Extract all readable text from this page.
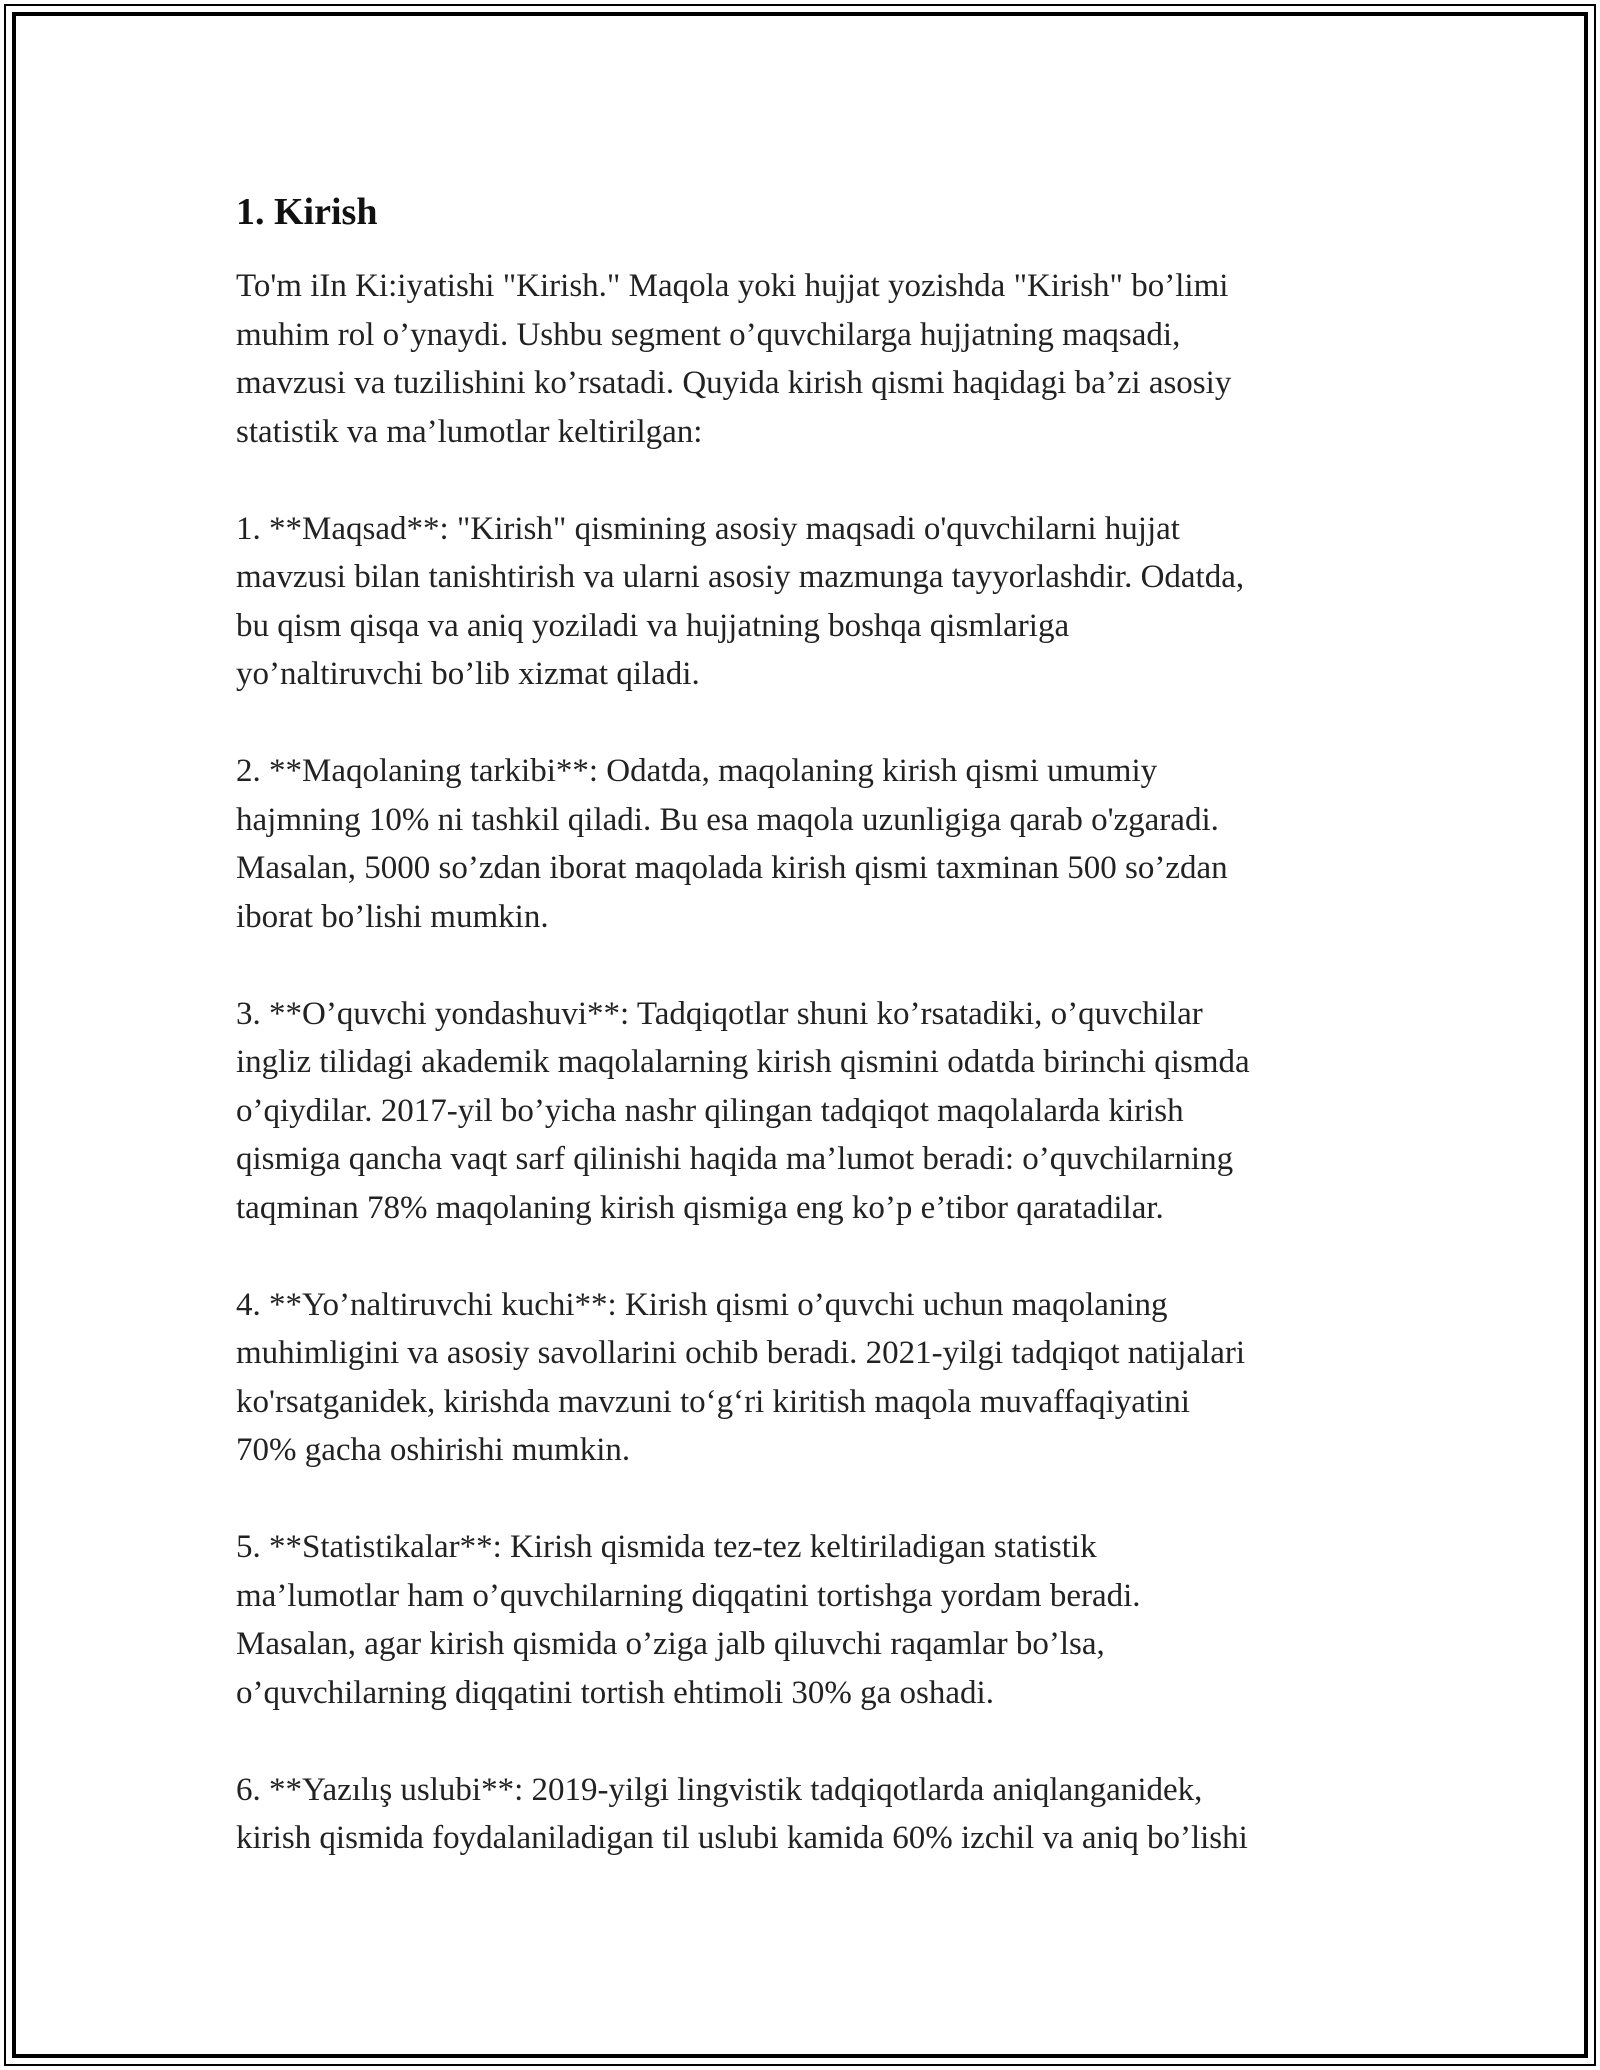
1. Kirish
To'm iIn Ki:iyatishi "Kirish." Maqola yoki hujjat yozishda "Kirish" bo’limi
muhim rol o’ynaydi. Ushbu segment o’quvchilarga hujjatning maqsadi,
mavzusi va tuzilishini ko’rsatadi. Quyida kirish qismi haqidagi ba’zi asosiy
statistik va ma’lumotlar keltirilgan:
1. **Maqsad**: "Kirish" qismining asosiy maqsadi o'quvchilarni hujjat
mavzusi bilan tanishtirish va ularni asosiy mazmunga tayyorlashdir. Odatda,
bu qism qisqa va aniq yoziladi va hujjatning boshqa qismlariga
yo’naltiruvchi bo’lib xizmat qiladi.
2. **Maqolaning tarkibi**: Odatda, maqolaning kirish qismi umumiy
hajmning 10% ni tashkil qiladi. Bu esa maqola uzunligiga qarab o'zgaradi.
Masalan, 5000 so’zdan iborat maqolada kirish qismi taxminan 500 so’zdan
iborat bo’lishi mumkin.
3. **O’quvchi yondashuvi**: Tadqiqotlar shuni ko’rsatadiki, o’quvchilar
ingliz tilidagi akademik maqolalarning kirish qismini odatda birinchi qismda
o’qiydilar. 2017-yil bo’yicha nashr qilingan tadqiqot maqolalarda kirish
qismiga qancha vaqt sarf qilinishi haqida ma’lumot beradi: o’quvchilarning
taqminan 78% maqolaning kirish qismiga eng ko’p e’tibor qaratadilar.
4. **Yo’naltiruvchi kuchi**: Kirish qismi o’quvchi uchun maqolaning
muhimligini va asosiy savollarini ochib beradi. 2021-yilgi tadqiqot natijalari
ko'rsatganidek, kirishda mavzuni to‘g‘ri kiritish maqola muvaffaqiyatini
70% gacha oshirishi mumkin.
5. **Statistikalar**: Kirish qismida tez-tez keltiriladigan statistik
ma’lumotlar ham o’quvchilarning diqqatini tortishga yordam beradi.
Masalan, agar kirish qismida o’ziga jalb qiluvchi raqamlar bo’lsa,
o’quvchilarning diqqatini tortish ehtimoli 30% ga oshadi.
6. **Yazılış uslubi**: 2019-yilgi lingvistik tadqiqotlarda aniqlanganidek,
kirish qismida foydalaniladigan til uslubi kamida 60% izchil va aniq bo’lishi
